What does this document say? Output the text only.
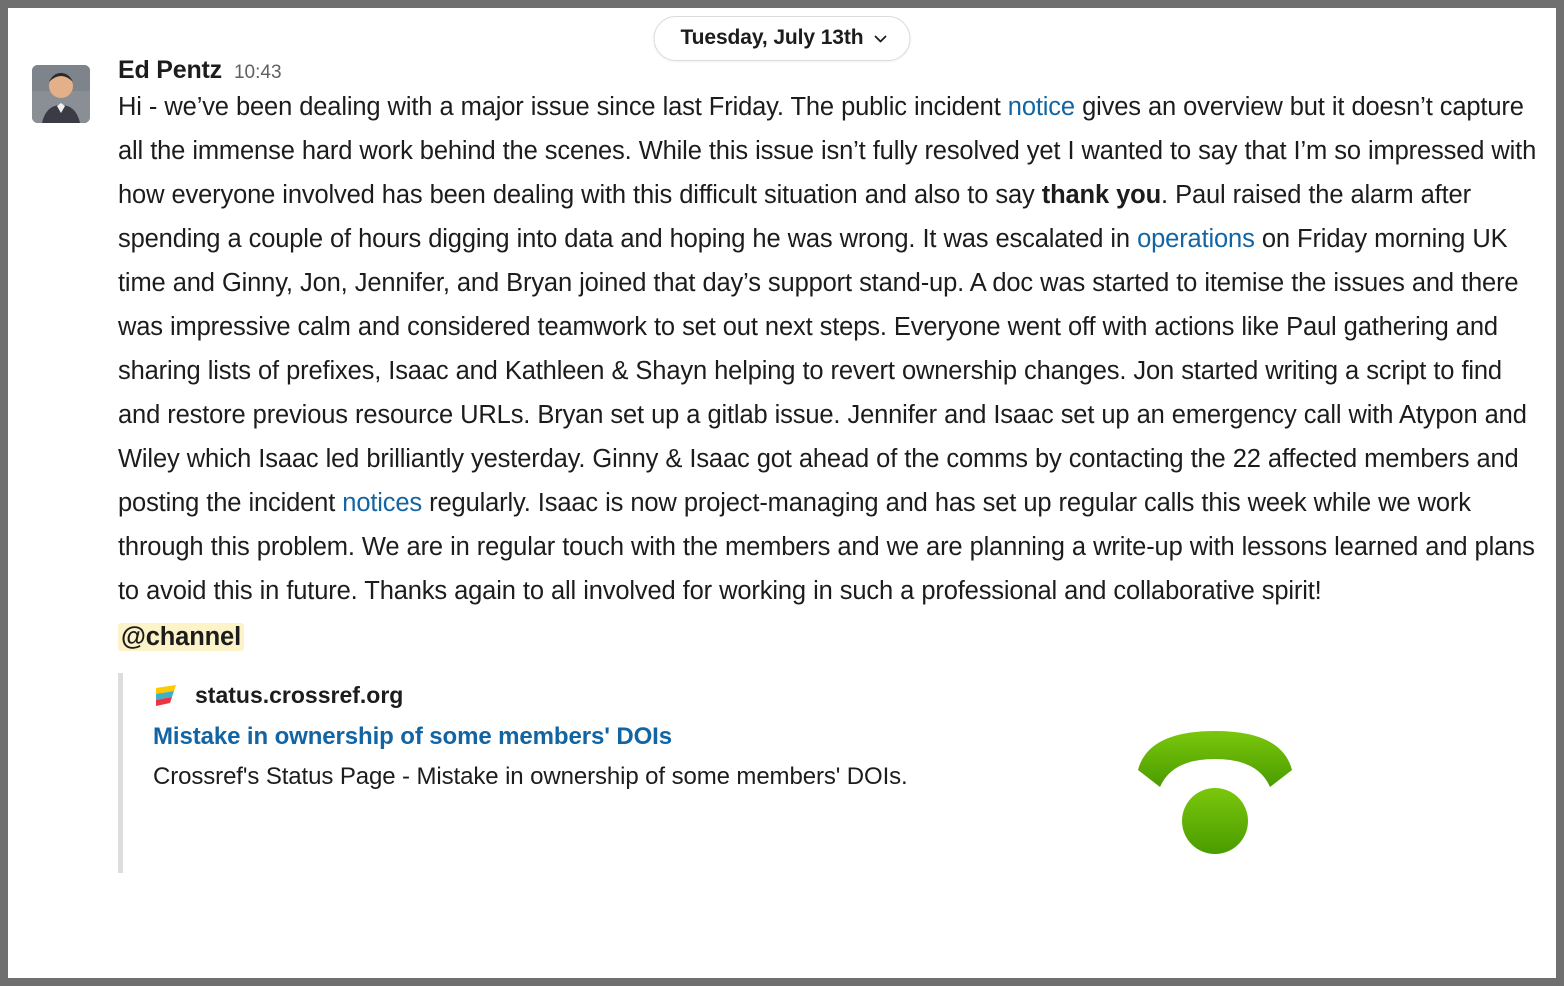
Tuesday, July 13th
Ed Pentz 10:43
Hi - we’ve been dealing with a major issue since last Friday. The public incident notice gives an overview but it doesn’t capture all the immense hard work behind the scenes. While this issue isn’t fully resolved yet I wanted to say that I’m so impressed with how everyone involved has been dealing with this difficult situation and also to say thank you. Paul raised the alarm after spending a couple of hours digging into data and hoping he was wrong. It was escalated in operations on Friday morning UK time and Ginny, Jon, Jennifer, and Bryan joined that day’s support stand-up. A doc was started to itemise the issues and there was impressive calm and considered teamwork to set out next steps. Everyone went off with actions like Paul gathering and sharing lists of prefixes, Isaac and Kathleen & Shayn helping to revert ownership changes. Jon started writing a script to find and restore previous resource URLs. Bryan set up a gitlab issue. Jennifer and Isaac set up an emergency call with Atypon and Wiley which Isaac led brilliantly yesterday. Ginny & Isaac got ahead of the comms by contacting the 22 affected members and posting the incident notices regularly. Isaac is now project-managing and has set up regular calls this week while we work through this problem. We are in regular touch with the members and we are planning a write-up with lessons learned and plans to avoid this in future. Thanks again to all involved for working in such a professional and collaborative spirit!
@channel
status.crossref.org
Mistake in ownership of some members' DOIs
Crossref's Status Page - Mistake in ownership of some members' DOIs.
